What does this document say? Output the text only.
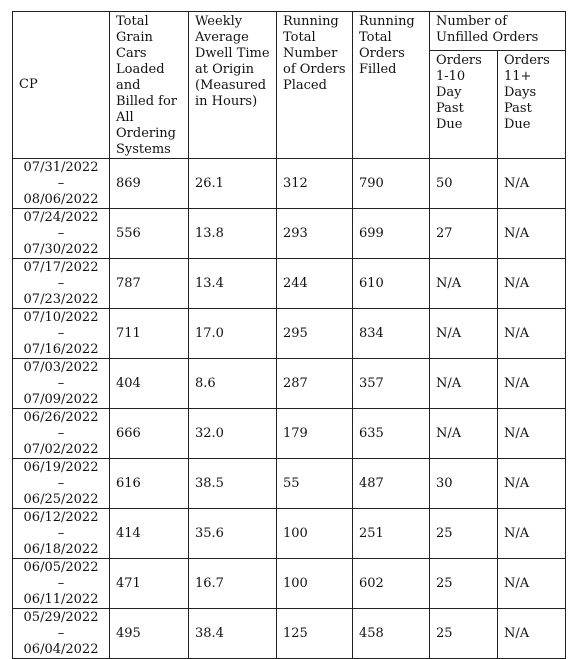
CP	Total Grain Cars Loaded and Billed for All Ordering Systems	Weekly Average Dwell Time at Origin (Measured in Hours)	Running Total Number of Orders Placed	Running Total Orders Filled	Number of Unfilled Orders	
					Orders 1-10 Day Past Due	Orders 11+ Days Past Due

07/31/2022
–
08/06/2022	869	26.1	312	790	50	N/A

07/24/2022
–
07/30/2022	556	13.8	293	699	27	N/A

07/17/2022
–
07/23/2022	787	13.4	244	610	N/A	N/A

07/10/2022
–
07/16/2022	711	17.0	295	834	N/A	N/A

07/03/2022
–
07/09/2022	404	8.6	287	357	N/A	N/A

06/26/2022
–
07/02/2022	666	32.0	179	635	N/A	N/A

06/19/2022
–
06/25/2022	616	38.5	55	487	30	N/A

06/12/2022
–
06/18/2022	414	35.6	100	251	25	N/A

06/05/2022
–
06/11/2022	471	16.7	100	602	25	N/A

05/29/2022
–
06/04/2022	495	38.4	125	458	25	N/A
